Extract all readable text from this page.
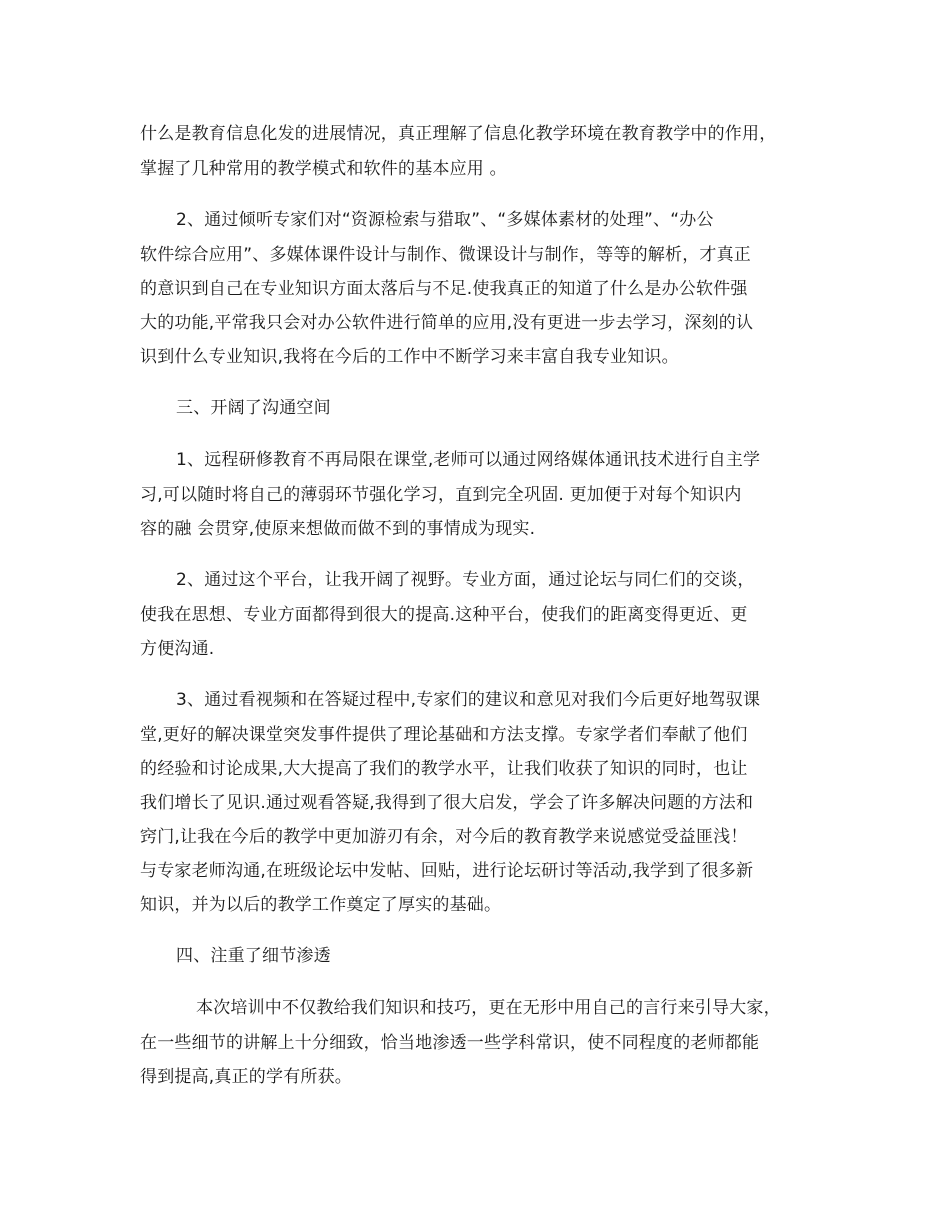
什么是教育信息化发的进展情况，真正理解了信息化教学环境在教育教学中的作用，
掌握了几种常用的教学模式和软件的基本应用 。
2、通过倾听专家们对“资源检索与猎取”、“多媒体素材的处理”、“办公
软件综合应用”、多媒体课件设计与制作、微课设计与制作，等等的解析，才真正
的意识到自己在专业知识方面太落后与不足.使我真正的知道了什么是办公软件强
大的功能,平常我只会对办公软件进行简单的应用,没有更进一步去学习，深刻的认
识到什么专业知识,我将在今后的工作中不断学习来丰富自我专业知识。
三、开阔了沟通空间
1、远程研修教育不再局限在课堂,老师可以通过网络媒体通讯技术进行自主学
习,可以随时将自己的薄弱环节强化学习，直到完全巩固. 更加便于对每个知识内
容的融 会贯穿,使原来想做而做不到的事情成为现实.
2、通过这个平台，让我开阔了视野。专业方面，通过论坛与同仁们的交谈，
使我在思想、专业方面都得到很大的提高.这种平台，使我们的距离变得更近、更
方便沟通.
3、通过看视频和在答疑过程中,专家们的建议和意见对我们今后更好地驾驭课
堂,更好的解决课堂突发事件提供了理论基础和方法支撑。专家学者们奉献了他们
的经验和讨论成果,大大提高了我们的教学水平，让我们收获了知识的同时，也让
我们增长了见识.通过观看答疑,我得到了很大启发，学会了许多解决问题的方法和
窍门,让我在今后的教学中更加游刃有余，对今后的教育教学来说感觉受益匪浅！
与专家老师沟通,在班级论坛中发帖、回贴，进行论坛研讨等活动,我学到了很多新
知识，并为以后的教学工作奠定了厚实的基础。
四、注重了细节渗透
本次培训中不仅教给我们知识和技巧，更在无形中用自己的言行来引导大家，
在一些细节的讲解上十分细致，恰当地渗透一些学科常识，使不同程度的老师都能
得到提高,真正的学有所获。
